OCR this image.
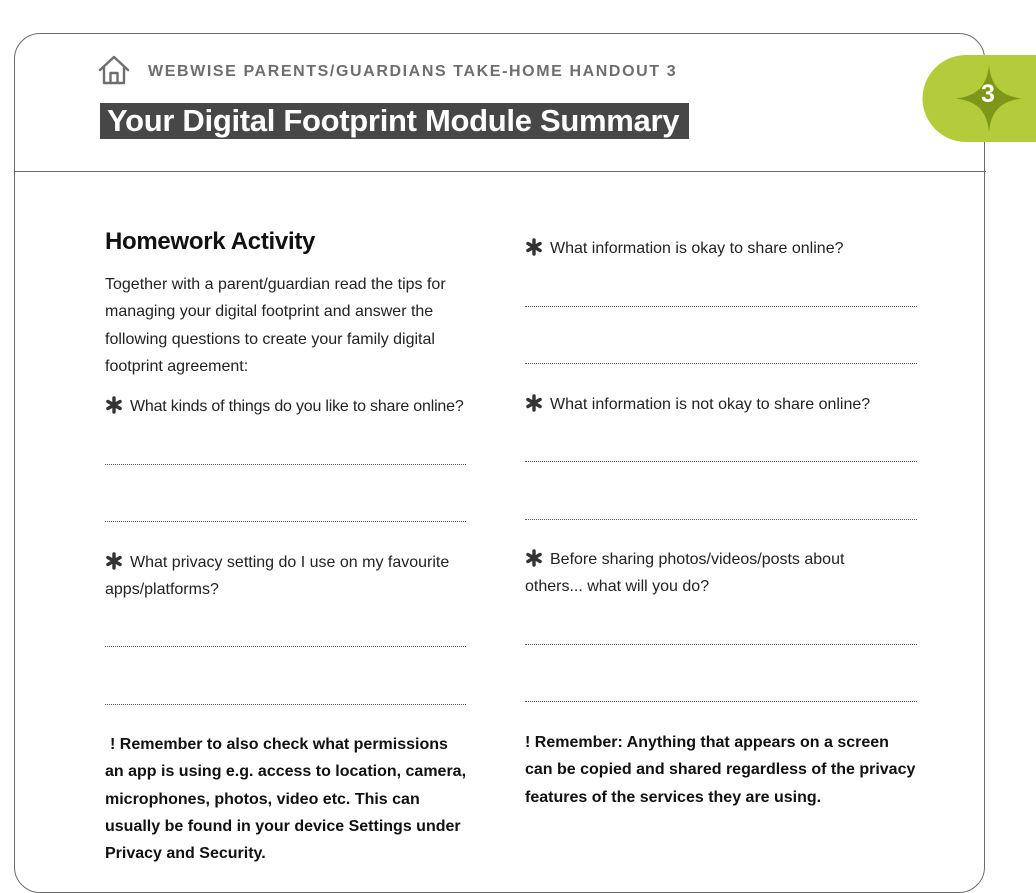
WEBWISE PARENTS/GUARDIANS TAKE-HOME HANDOUT 3
Your Digital Footprint Module Summary
3
Homework Activity
Together with a parent/guardian read the tips for managing your digital footprint and answer the following questions to create your family digital footprint agreement:
What kinds of things do you like to share online?
What privacy setting do I use on my favourite
apps/platforms?
! Remember to also check what permissions
an app is using e.g. access to location, camera,
microphones, photos, video etc. This can
usually be found in your device Settings under
Privacy and Security.
What information is okay to share online?
What information is not okay to share online?
Before sharing photos/videos/posts about
others... what will you do?
! Remember: Anything that appears on a screen
can be copied and shared regardless of the privacy
features of the services they are using.
